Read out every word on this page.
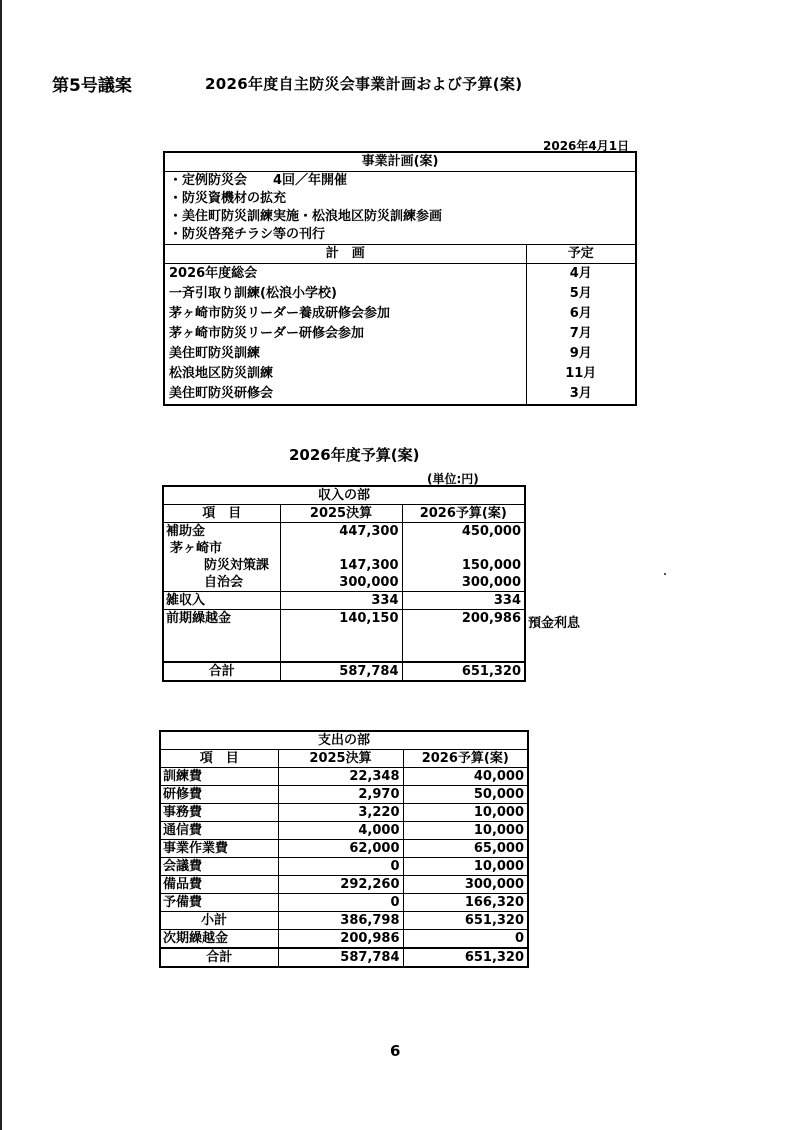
第5号議案	2026年度自主防災会事業計画および予算(案)
2026年4月1日
事業計画(案)	
・定例防災会　　4回／年開催	
・防災資機材の拡充	
・美住町防災訓練実施・松浪地区防災訓練参画	
・防災啓発チラシ等の刊行	
計　画	予定
2026年度総会	4月
一斉引取り訓練(松浪小学校)	5月
茅ヶ崎市防災リーダー養成研修会参加	6月
茅ヶ崎市防災リーダー研修会参加	7月
美住町防災訓練	9月
松浪地区防災訓練	11月
美住町防災研修会	3月
2026年度予算(案)
(単位:円)
収入の部		
項　目	2025決算	2026予算(案)
補助金	447,300	450,000
茅ヶ崎市		
防災対策課	147,300	150,000
自治会	300,000	300,000
雑収入	334	334
前期繰越金	140,150	200,986

合計	587,784	651,320
預金利息
支出の部		
項　目	2025決算	2026予算(案)
訓練費	22,348	40,000
研修費	2,970	50,000
事務費	3,220	10,000
通信費	4,000	10,000
事業作業費	62,000	65,000
会議費	0	10,000
備品費	292,260	300,000
予備費	0	166,320
小計	386,798	651,320
次期繰越金	200,986	0
合計	587,784	651,320
6
